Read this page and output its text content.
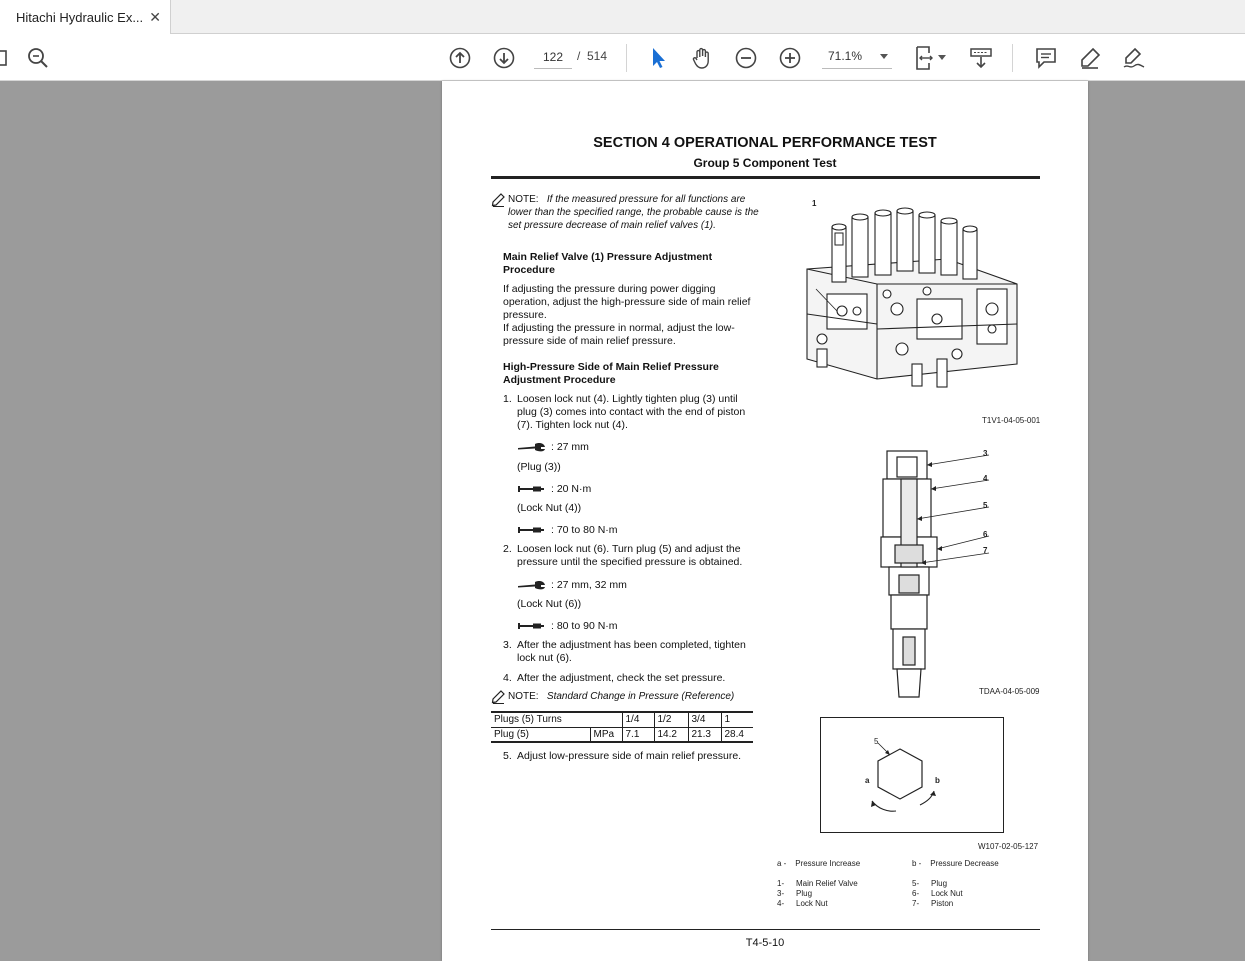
Hitachi Hydraulic Ex... ✕
122
/ 514	71.1%
SECTION 4 OPERATIONAL PERFORMANCE TEST
Group 5 Component Test
NOTE: If the measured pressure for all functions are
lower than the specified range, the probable cause is the
set pressure decrease of main relief valves (1).
Main Relief Valve (1) Pressure Adjustment
Procedure
If adjusting the pressure during power digging
operation, adjust the high-pressure side of main relief
pressure.
If adjusting the pressure in normal, adjust the low-
pressure side of main relief pressure.
High-Pressure Side of Main Relief Pressure
Adjustment Procedure
1. Loosen lock nut (4). Lightly tighten plug (3) until
plug (3) comes into contact with the end of piston
(7). Tighten lock nut (4).
: 27 mm
(Plug (3))
: 20 N·m
(Lock Nut (4))
: 70 to 80 N·m
2. Loosen lock nut (6). Turn plug (5) and adjust the
pressure until the specified pressure is obtained.
: 27 mm, 32 mm
(Lock Nut (6))
: 80 to 90 N·m
3. After the adjustment has been completed, tighten
lock nut (6).
4. After the adjustment, check the set pressure.
NOTE: Standard Change in Pressure (Reference)
Plugs (5) Turns		1/4	1/2	3/4	1
Plug (5)	MPa	7.1	14.2	21.3	28.4
5. Adjust low-pressure side of main relief pressure.
1
T1V1-04-05-001
3
4
5
6
7
TDAA-04-05-009
5
a	b
W107-02-05-127
a - Pressure Increase	b - Pressure Decrease
1- Main Relief Valve
3- Plug
4- Lock Nut
5- Plug
6- Lock Nut
7- Piston
T4-5-10
